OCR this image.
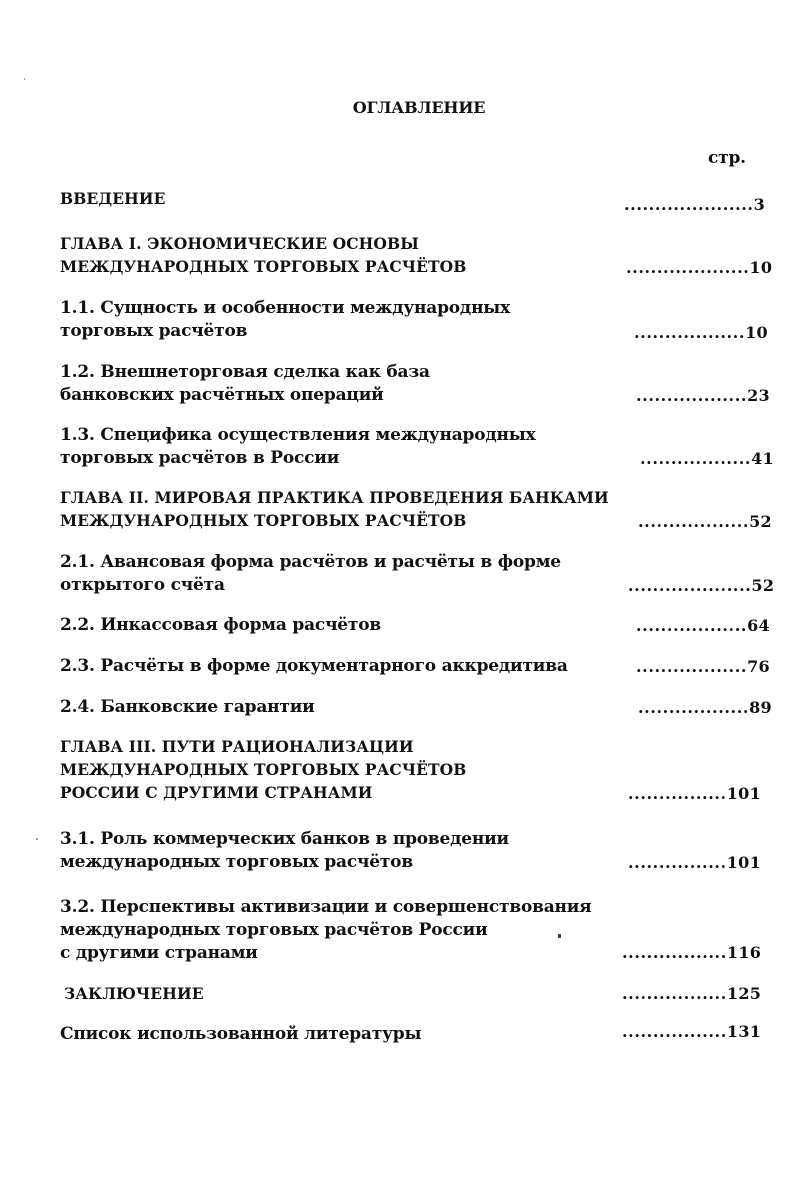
ОГЛАВЛЕНИЕ
стр.
ВВЕДЕНИЕ	.....................3
ГЛАВА I. ЭКОНОМИЧЕСКИЕ ОСНОВЫ
МЕЖДУНАРОДНЫХ ТОРГОВЫХ РАСЧЁТОВ	....................10
1.1. Сущность и особенности международных
торговых расчётов	..................10
1.2. Внешнеторговая сделка как база
банковских расчётных операций	..................23
1.3. Специфика осуществления международных
торговых расчётов в России	..................41
ГЛАВА II. МИРОВАЯ ПРАКТИКА ПРОВЕДЕНИЯ БАНКАМИ
МЕЖДУНАРОДНЫХ ТОРГОВЫХ РАСЧЁТОВ	..................52
2.1. Авансовая форма расчётов и расчёты в форме
открытого счёта	....................52
2.2. Инкассовая форма расчётов	..................64
2.3. Расчёты в форме документарного аккредитива	..................76
2.4. Банковские гарантии	..................89
ГЛАВА III. ПУТИ РАЦИОНАЛИЗАЦИИ
МЕЖДУНАРОДНЫХ ТОРГОВЫХ РАСЧЁТОВ
РОССИИ С ДРУГИМИ СТРАНАМИ	................101
3.1. Роль коммерческих банков в проведении
международных торговых расчётов	................101
3.2. Перспективы активизации и совершенствования
международных торговых расчётов России
с другими странами	.................116
ЗАКЛЮЧЕНИЕ	.................125
Список использованной литературы	.................131
